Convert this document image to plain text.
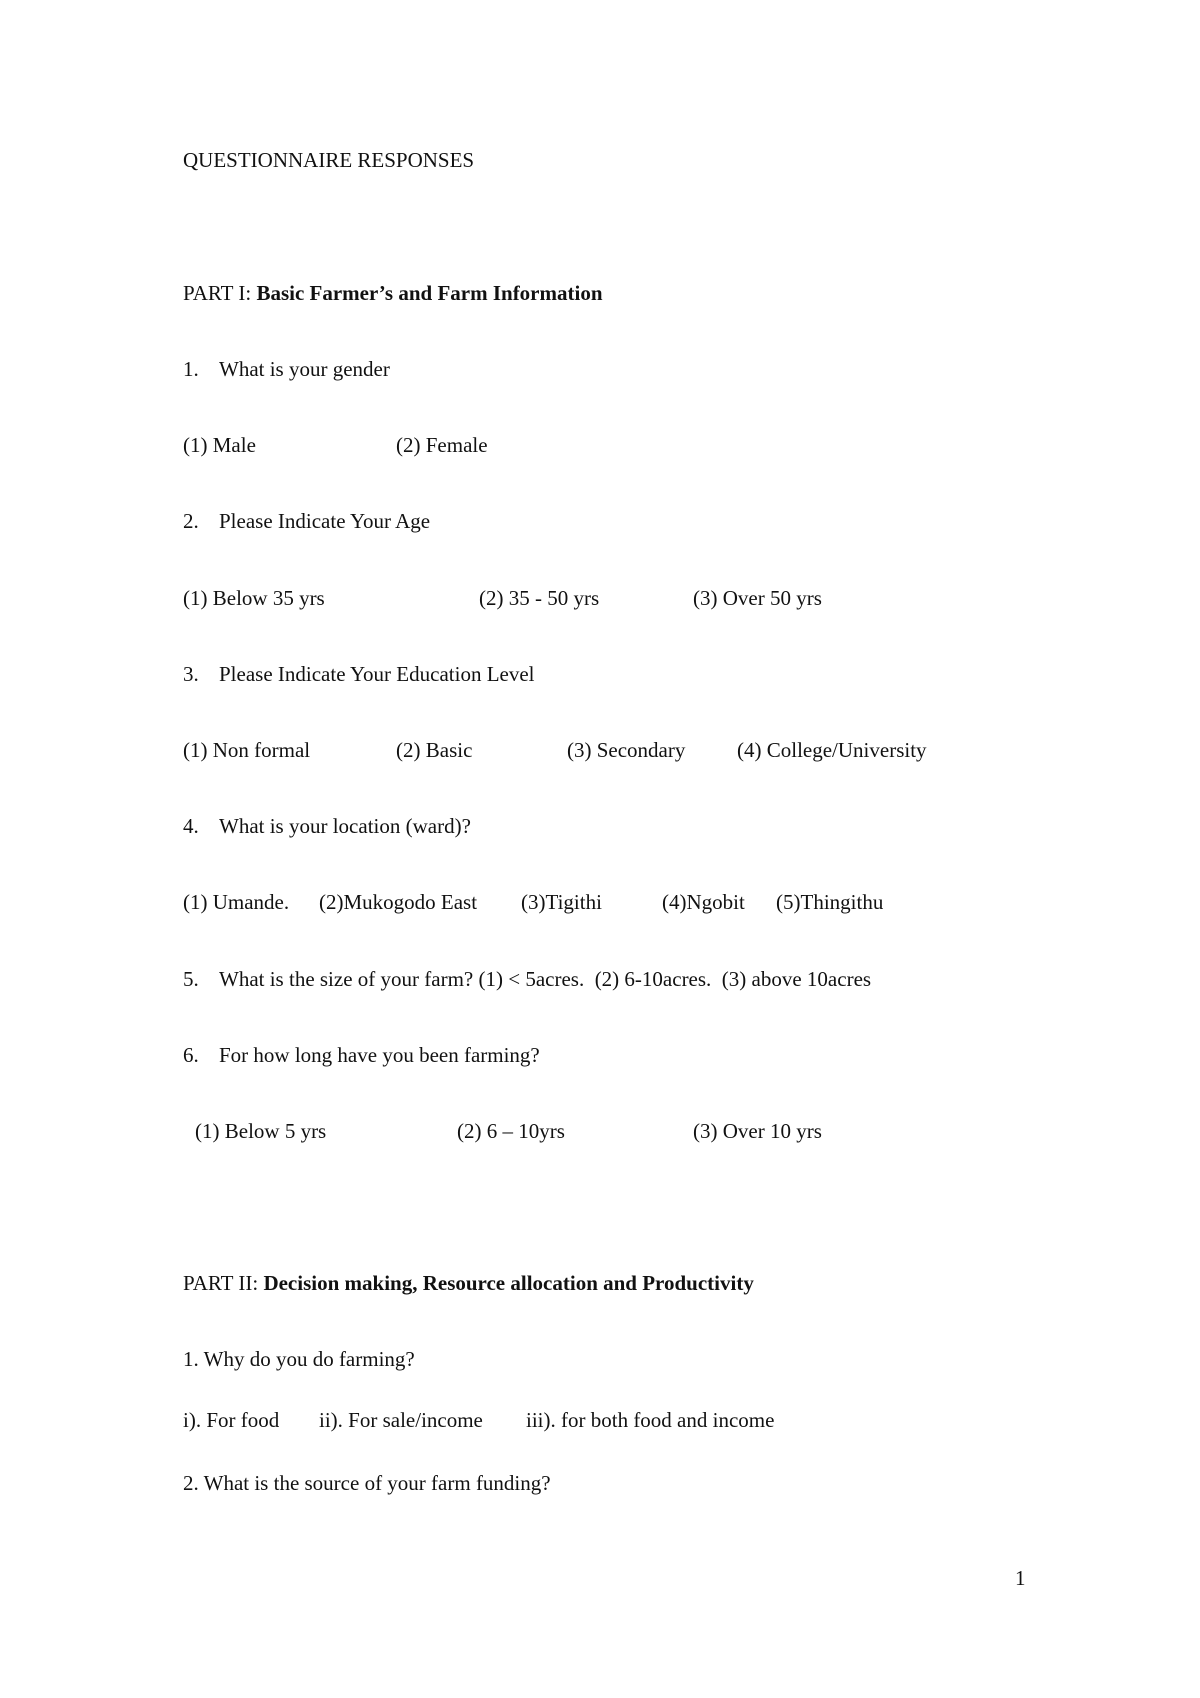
QUESTIONNAIRE RESPONSES
PART I: Basic Farmer’s and Farm Information
1. What is your gender
(1) Male	(2) Female
2. Please Indicate Your Age
(1) Below 35 yrs	(2) 35 - 50 yrs	(3) Over 50 yrs
3. Please Indicate Your Education Level
(1) Non formal	(2) Basic	(3) Secondary (4) College/University
4. What is your location (ward)?
(1) Umande. (2)Mukogodo East (3)Tigithi	(4)Ngobit (5)Thingithu
5. What is the size of your farm? (1) < 5acres.  (2) 6-10acres.  (3) above 10acres
6. For how long have you been farming?
(1) Below 5 yrs	(2) 6 – 10yrs	(3) Over 10 yrs
PART II: Decision making, Resource allocation and Productivity
1. Why do you do farming?
i). For food ii). For sale/income iii). for both food and income
2. What is the source of your farm funding?
1
